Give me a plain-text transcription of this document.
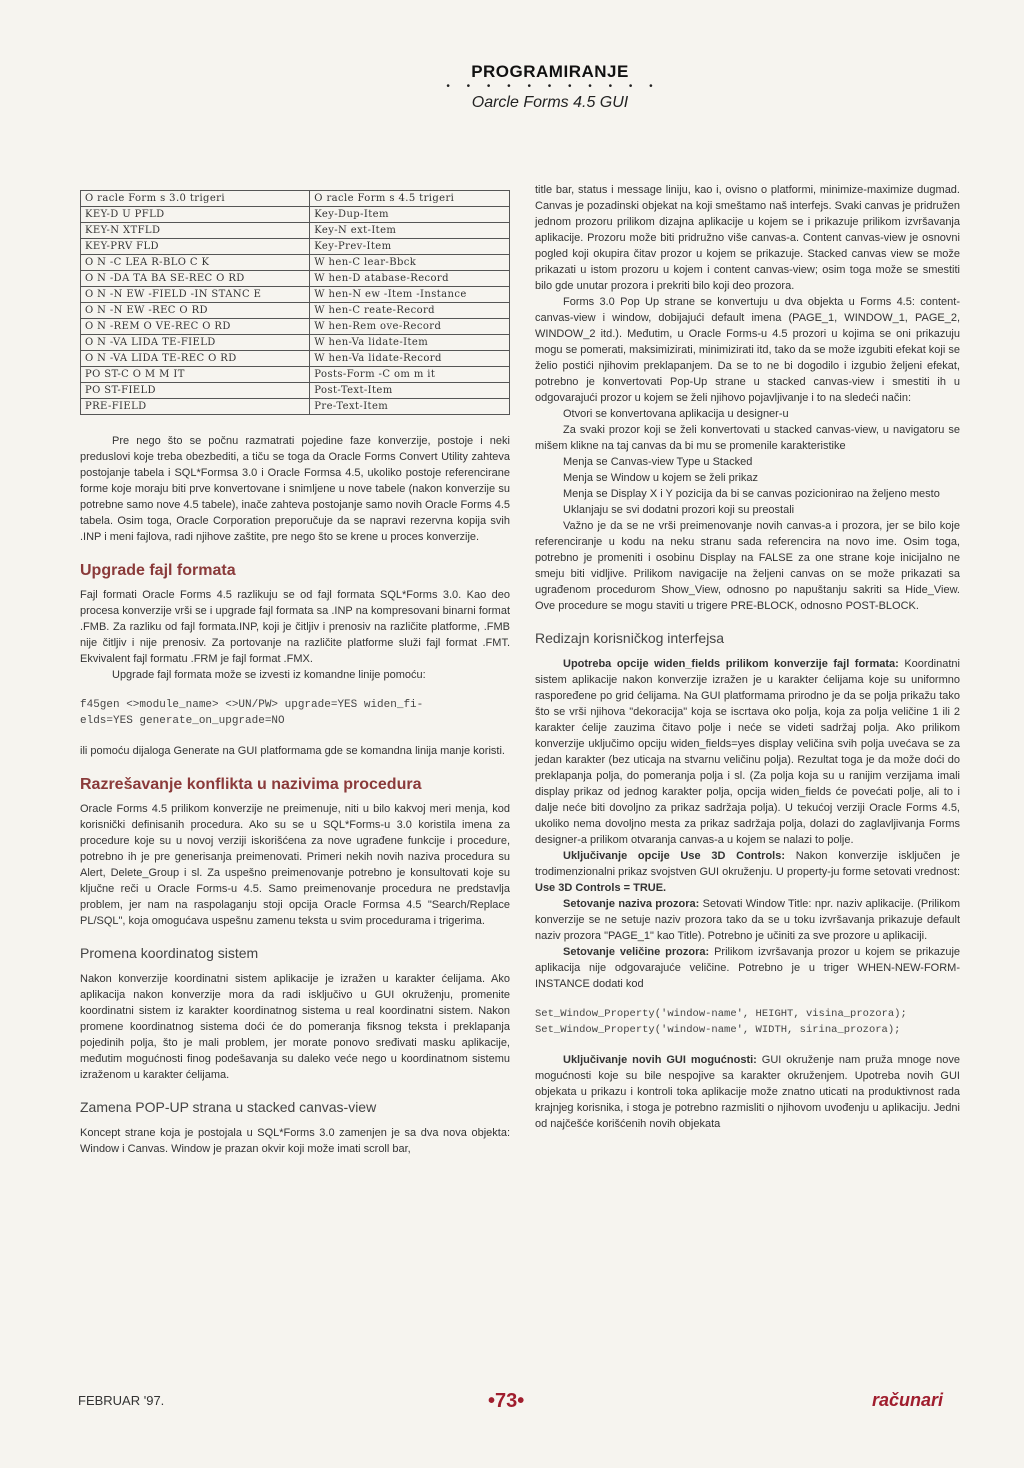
PROGRAMIRANJE
• • • • • • • • • • •
Oarcle Forms 4.5 GUI
O racle Form s 3.0 trigeri	O racle Form s 4.5 trigeri
KEY-D U PFLD	Key-Dup-Item
KEY-N XTFLD	Key-N ext-Item
KEY-PRV FLD	Key-Prev-Item
O N -C LEA R-BLO C K	W hen-C lear-Bbck
O N -DA TA BA SE-REC O RD	W hen-D atabase-Record
O N -N EW -FIELD -IN STANC E	W hen-N ew -Item -Instance
O N -N EW -REC O RD	W hen-C reate-Record
O N -REM O VE-REC O RD	W hen-Rem ove-Record
O N -VA LIDA TE-FIELD	W hen-Va lidate-Item
O N -VA LIDA TE-REC O RD	W hen-Va lidate-Record
PO ST-C O M M IT	Posts-Form -C om m it
PO ST-FIELD	Post-Text-Item
PRE-FIELD	Pre-Text-Item

Pre nego što se počnu razmatrati pojedine faze konverzije, postoje i neki preduslovi koje treba obezbediti, a tiču se toga da Oracle Forms Convert Utility zahteva postojanje tabela i SQL*Formsa 3.0 i Oracle Formsa 4.5, ukoliko postoje referencirane forme koje moraju biti prve konvertovane i snimljene u nove tabele (nakon konverzije su potrebne samo nove 4.5 tabele), inače zahteva postojanje samo novih Oracle Forms 4.5 tabela. Osim toga, Oracle Corporation preporučuje da se napravi rezervna kopija svih .INP i meni fajlova, radi njihove zaštite, pre nego što se krene u proces konverzije.

Upgrade fajl formata

Fajl formati Oracle Forms 4.5 razlikuju se od fajl formata SQL*Forms 3.0. Kao deo procesa konverzije vrši se i upgrade fajl formata sa .INP na kompresovani binarni format .FMB. Za razliku od fajl formata.INP, koji je čitljiv i prenosiv na različite platforme, .FMB nije čitljiv i nije prenosiv. Za portovanje na različite platforme služi fajl format .FMT. Ekvivalent fajl formatu .FRM je fajl format .FMX.

Upgrade fajl formata može se izvesti iz komandne linije pomoću:

f45gen <>module_name> <>UN/PW> upgrade=YES widen_fi-
elds=YES generate_on_upgrade=NO

ili pomoću dijaloga Generate na GUI platformama gde se komandna linija manje koristi.

Razrešavanje konflikta u nazivima procedura

Oracle Forms 4.5 prilikom konverzije ne preimenuje, niti u bilo kakvoj meri menja, kod korisnički definisanih procedura. Ako su se u SQL*Forms-u 3.0 koristila imena za procedure koje su u novoj verziji iskorišćena za nove ugrađene funkcije i procedure, potrebno ih je pre generisanja preimenovati. Primeri nekih novih naziva procedura su Alert, Delete_Group i sl. Za uspešno preimenovanje potrebno je konsultovati koje su ključne reči u Oracle Forms-u 4.5. Samo preimenovanje procedura ne predstavlja problem, jer nam na raspolaganju stoji opcija Oracle Formsa 4.5 "Search/Replace PL/SQL", koja omogućava uspešnu zamenu teksta u svim procedurama i trigerima.

Promena koordinatog sistem

Nakon konverzije koordinatni sistem aplikacije je izražen u karakter ćelijama. Ako aplikacija nakon konverzije mora da radi isključivo u GUI okruženju, promenite koordinatni sistem iz karakter koordinatnog sistema u real koordinatni sistem. Nakon promene koordinatnog sistema doći će do pomeranja fiksnog teksta i preklapanja pojedinih polja, što je mali problem, jer morate ponovo sređivati masku aplikacije, međutim mogućnosti finog podešavanja su daleko veće nego u koordinatnom sistemu izraženom u karakter ćelijama.

Zamena POP-UP strana u stacked canvas-view

Koncept strane koja je postojala u SQL*Forms 3.0 zamenjen je sa dva nova objekta: Window i Canvas. Window je prazan okvir koji može imati scroll bar,

title bar, status i message liniju, kao i, ovisno o platformi, minimize-maximize dugmad. Canvas je pozadinski objekat na koji smeštamo naš interfejs. Svaki canvas je pridružen jednom prozoru prilikom dizajna aplikacije u kojem se i prikazuje prilikom izvršavanja aplikacije. Prozoru može biti pridružno više canvas-a. Content canvas-view je osnovni pogled koji okupira čitav prozor u kojem se prikazuje. Stacked canvas view se može prikazati u istom prozoru u kojem i content canvas-view; osim toga može se smestiti bilo gde unutar prozora i prekriti bilo koji deo prozora.

Forms 3.0 Pop Up strane se konvertuju u dva objekta u Forms 4.5: content-canvas-view i window, dobijajući default imena (PAGE_1, WINDOW_1, PAGE_2, WINDOW_2 itd.). Međutim, u Oracle Forms-u 4.5 prozori u kojima se oni prikazuju mogu se pomerati, maksimizirati, minimizirati itd, tako da se može izgubiti efekat koji se želio postići njihovim preklapanjem. Da se to ne bi dogodilo i izgubio željeni efekat, potrebno je konvertovati Pop-Up strane u stacked canvas-view i smestiti ih u odgovarajući prozor u kojem se želi njihovo pojavljivanje i to na sledeći način:

Otvori se konvertovana aplikacija u designer-u

Za svaki prozor koji se želi konvertovati u stacked canvas-view, u navigatoru se mišem klikne na taj canvas da bi mu se promenile karakteristike

Menja se Canvas-view Type u Stacked

Menja se Window u kojem se želi prikaz

Menja se Display X i Y pozicija da bi se canvas pozicionirao na željeno mesto

Uklanjaju se svi dodatni prozori koji su preostali

Važno je da se ne vrši preimenovanje novih canvas-a i prozora, jer se bilo koje referenciranje u kodu na neku stranu sada referencira na novo ime. Osim toga, potrebno je promeniti i osobinu Display na FALSE za one strane koje inicijalno ne smeju biti vidljive. Prilikom navigacije na željeni canvas on se može prikazati sa ugrađenom procedurom Show_View, odnosno po napuštanju sakriti sa Hide_View. Ove procedure se mogu staviti u trigere PRE-BLOCK, odnosno POST-BLOCK.

Redizajn korisničkog interfejsa

Upotreba opcije widen_fields prilikom konverzije fajl formata: Koordinatni sistem aplikacije nakon konverzije izražen je u karakter ćelijama koje su uniformno raspoređene po grid ćelijama. Na GUI platformama prirodno je da se polja prikažu tako što se vrši njihova "dekoracija" koja se iscrtava oko polja, koja za polja veličine 1 ili 2 karakter ćelije zauzima čitavo polje i neće se videti sadržaj polja. Ako prilikom konverzije uključimo opciju widen_fields=yes display veličina svih polja uvećava se za jedan karakter (bez uticaja na stvarnu veličinu polja). Rezultat toga je da može doći do preklapanja polja, do pomeranja polja i sl. (Za polja koja su u ranijim verzijama imali display prikaz od jednog karakter polja, opcija widen_fields će povećati polje, ali to i dalje neće biti dovoljno za prikaz sadržaja polja). U tekućoj verziji Oracle Forms 4.5, ukoliko nema dovoljno mesta za prikaz sadržaja polja, dolazi do zaglavljivanja Forms designer-a prilikom otvaranja canvas-a u kojem se nalazi to polje.

Uključivanje opcije Use 3D Controls: Nakon konverzije isključen je trodimenzionalni prikaz svojstven GUI okruženju. U property-ju forme setovati vrednost: Use 3D Controls = TRUE.

Setovanje naziva prozora: Setovati Window Title: npr. naziv aplikacije. (Prilikom konverzije se ne setuje naziv prozora tako da se u toku izvršavanja prikazuje default naziv prozora "PAGE_1" kao Title). Potrebno je učiniti za sve prozore u aplikaciji.

Setovanje veličine prozora: Prilikom izvršavanja prozor u kojem se prikazuje aplikacija nije odgovarajuće veličine. Potrebno je u triger WHEN-NEW-FORM-INSTANCE dodati kod

Set_Window_Property('window-name', HEIGHT, visina_prozora);
Set_Window_Property('window-name', WIDTH, sirina_prozora);

Uključivanje novih GUI mogućnosti: GUI okruženje nam pruža mnoge nove mogućnosti koje su bile nespojive sa karakter okruženjem. Upotreba novih GUI objekata u prikazu i kontroli toka aplikacije može znatno uticati na produktivnost rada krajnjeg korisnika, i stoga je potrebno razmisliti o njihovom uvođenju u aplikaciju. Jedni od najčešće korišćenih novih objekata

FEBRUAR '97.	•73•	računari
